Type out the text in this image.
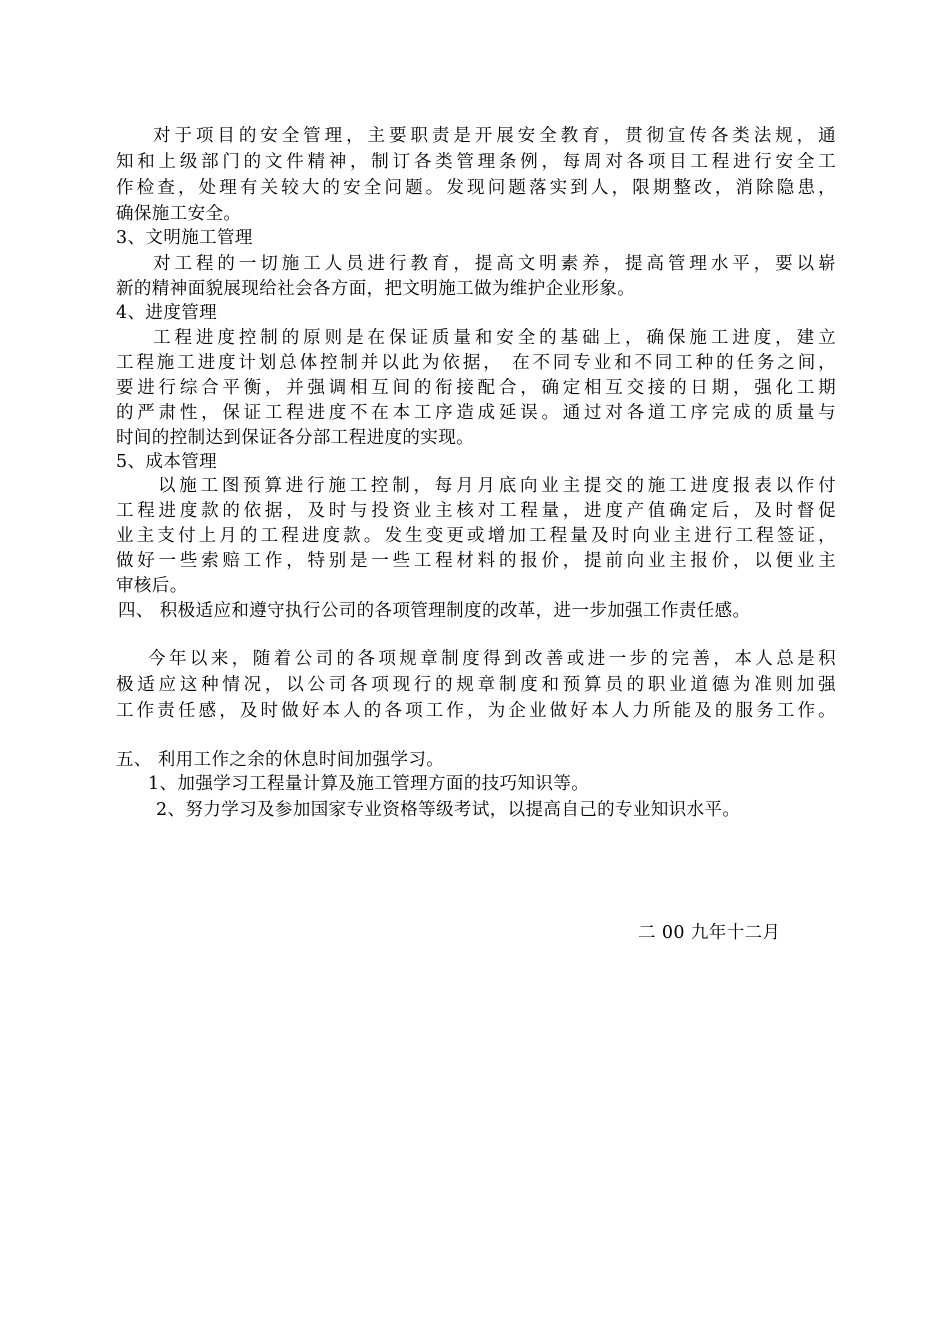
对于项目的安全管理，主要职责是开展安全教育，贯彻宣传各类法规，通
知和上级部门的文件精神，制订各类管理条例，每周对各项目工程进行安全工
作检查，处理有关较大的安全问题。发现问题落实到人，限期整改，消除隐患，
确保施工安全。
3、文明施工管理
对工程的一切施工人员进行教育，提高文明素养，提高管理水平，要以崭
新的精神面貌展现给社会各方面，把文明施工做为维护企业形象。
4、进度管理
工程进度控制的原则是在保证质量和安全的基础上，确保施工进度，建立
工程施工进度计划总体控制并以此为依据， 在不同专业和不同工种的任务之间，
要进行综合平衡，并强调相互间的衔接配合，确定相互交接的日期，强化工期
的严肃性，保证工程进度不在本工序造成延误。通过对各道工序完成的质量与
时间的控制达到保证各分部工程进度的实现。
5、成本管理
以施工图预算进行施工控制，每月月底向业主提交的施工进度报表以作付
工程进度款的依据，及时与投资业主核对工程量，进度产值确定后，及时督促
业主支付上月的工程进度款。发生变更或增加工程量及时向业主进行工程签证，
做好一些索赔工作，特别是一些工程材料的报价，提前向业主报价，以便业主
审核后。
四、 积极适应和遵守执行公司的各项管理制度的改革，进一步加强工作责任感。
今年以来，随着公司的各项规章制度得到改善或进一步的完善，本人总是积
极适应这种情况，以公司各项现行的规章制度和预算员的职业道德为准则加强
工作责任感，及时做好本人的各项工作，为企业做好本人力所能及的服务工作。
五、 利用工作之余的休息时间加强学习。
1、加强学习工程量计算及施工管理方面的技巧知识等。
2、努力学习及参加国家专业资格等级考试，以提高自己的专业知识水平。
二 00 九年十二月
